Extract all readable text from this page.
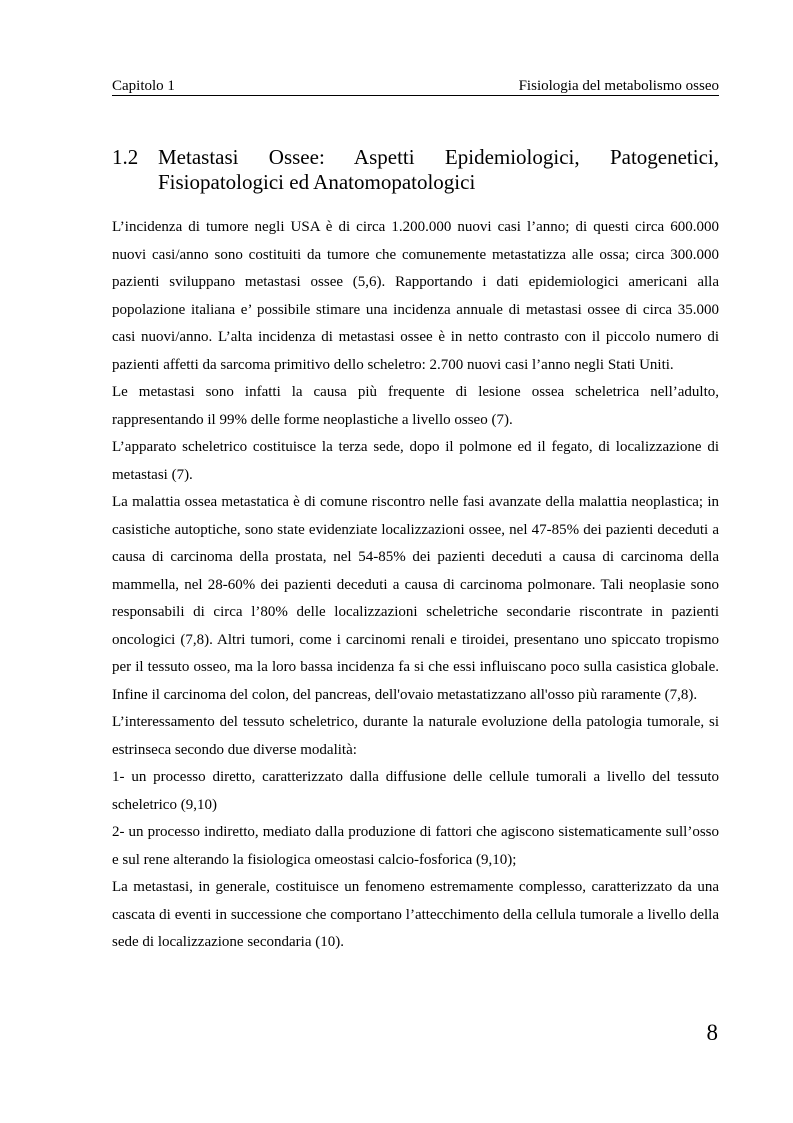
Capitolo 1	Fisiologia del metabolismo osseo
1.2 Metastasi Ossee: Aspetti Epidemiologici, Patogenetici, Fisiopatologici ed Anatomopatologici

L’incidenza di tumore negli USA è di circa 1.200.000 nuovi casi l’anno; di questi circa 600.000 nuovi casi/anno sono costituiti da tumore che comunemente metastatizza alle ossa; circa 300.000 pazienti sviluppano metastasi ossee (5,6). Rapportando i dati epidemiologici americani alla popolazione italiana e’ possibile stimare una incidenza annuale di metastasi ossee di circa 35.000 casi nuovi/anno. L’alta incidenza di metastasi ossee è in netto contrasto con il piccolo numero di pazienti affetti da sarcoma primitivo dello scheletro: 2.700 nuovi casi l’anno negli Stati Uniti.

Le metastasi sono infatti la causa più frequente di lesione ossea scheletrica nell’adulto, rappresentando il 99% delle forme neoplastiche a livello osseo (7).

L’apparato scheletrico costituisce la terza sede, dopo il polmone ed il fegato, di localizzazione di metastasi (7).

La malattia ossea metastatica è di comune riscontro nelle fasi avanzate della malattia neoplastica; in casistiche autoptiche, sono state evidenziate localizzazioni ossee, nel 47-85% dei pazienti deceduti a causa di carcinoma della prostata, nel 54-85% dei pazienti deceduti a causa di carcinoma della mammella, nel 28-60% dei pazienti deceduti a causa di carcinoma polmonare. Tali neoplasie sono responsabili di circa l’80% delle localizzazioni scheletriche secondarie riscontrate in pazienti oncologici (7,8). Altri tumori, come i carcinomi renali e tiroidei, presentano uno spiccato tropismo per il tessuto osseo, ma la loro bassa incidenza fa si che essi influiscano poco sulla casistica globale. Infine il carcinoma del colon, del pancreas, dell'ovaio metastatizzano all'osso più raramente (7,8).

L’interessamento del tessuto scheletrico, durante la naturale evoluzione della patologia tumorale, si estrinseca secondo due diverse modalità:

1- un processo diretto, caratterizzato dalla diffusione delle cellule tumorali a livello del tessuto scheletrico (9,10)

2- un processo indiretto, mediato dalla produzione di fattori che agiscono sistematicamente sull’osso e sul rene alterando la fisiologica omeostasi calcio-fosforica (9,10);

La metastasi, in generale, costituisce un fenomeno estremamente complesso, caratterizzato da una cascata di eventi in successione che comportano l’attecchimento della cellula tumorale a livello della sede di localizzazione secondaria (10).

8
